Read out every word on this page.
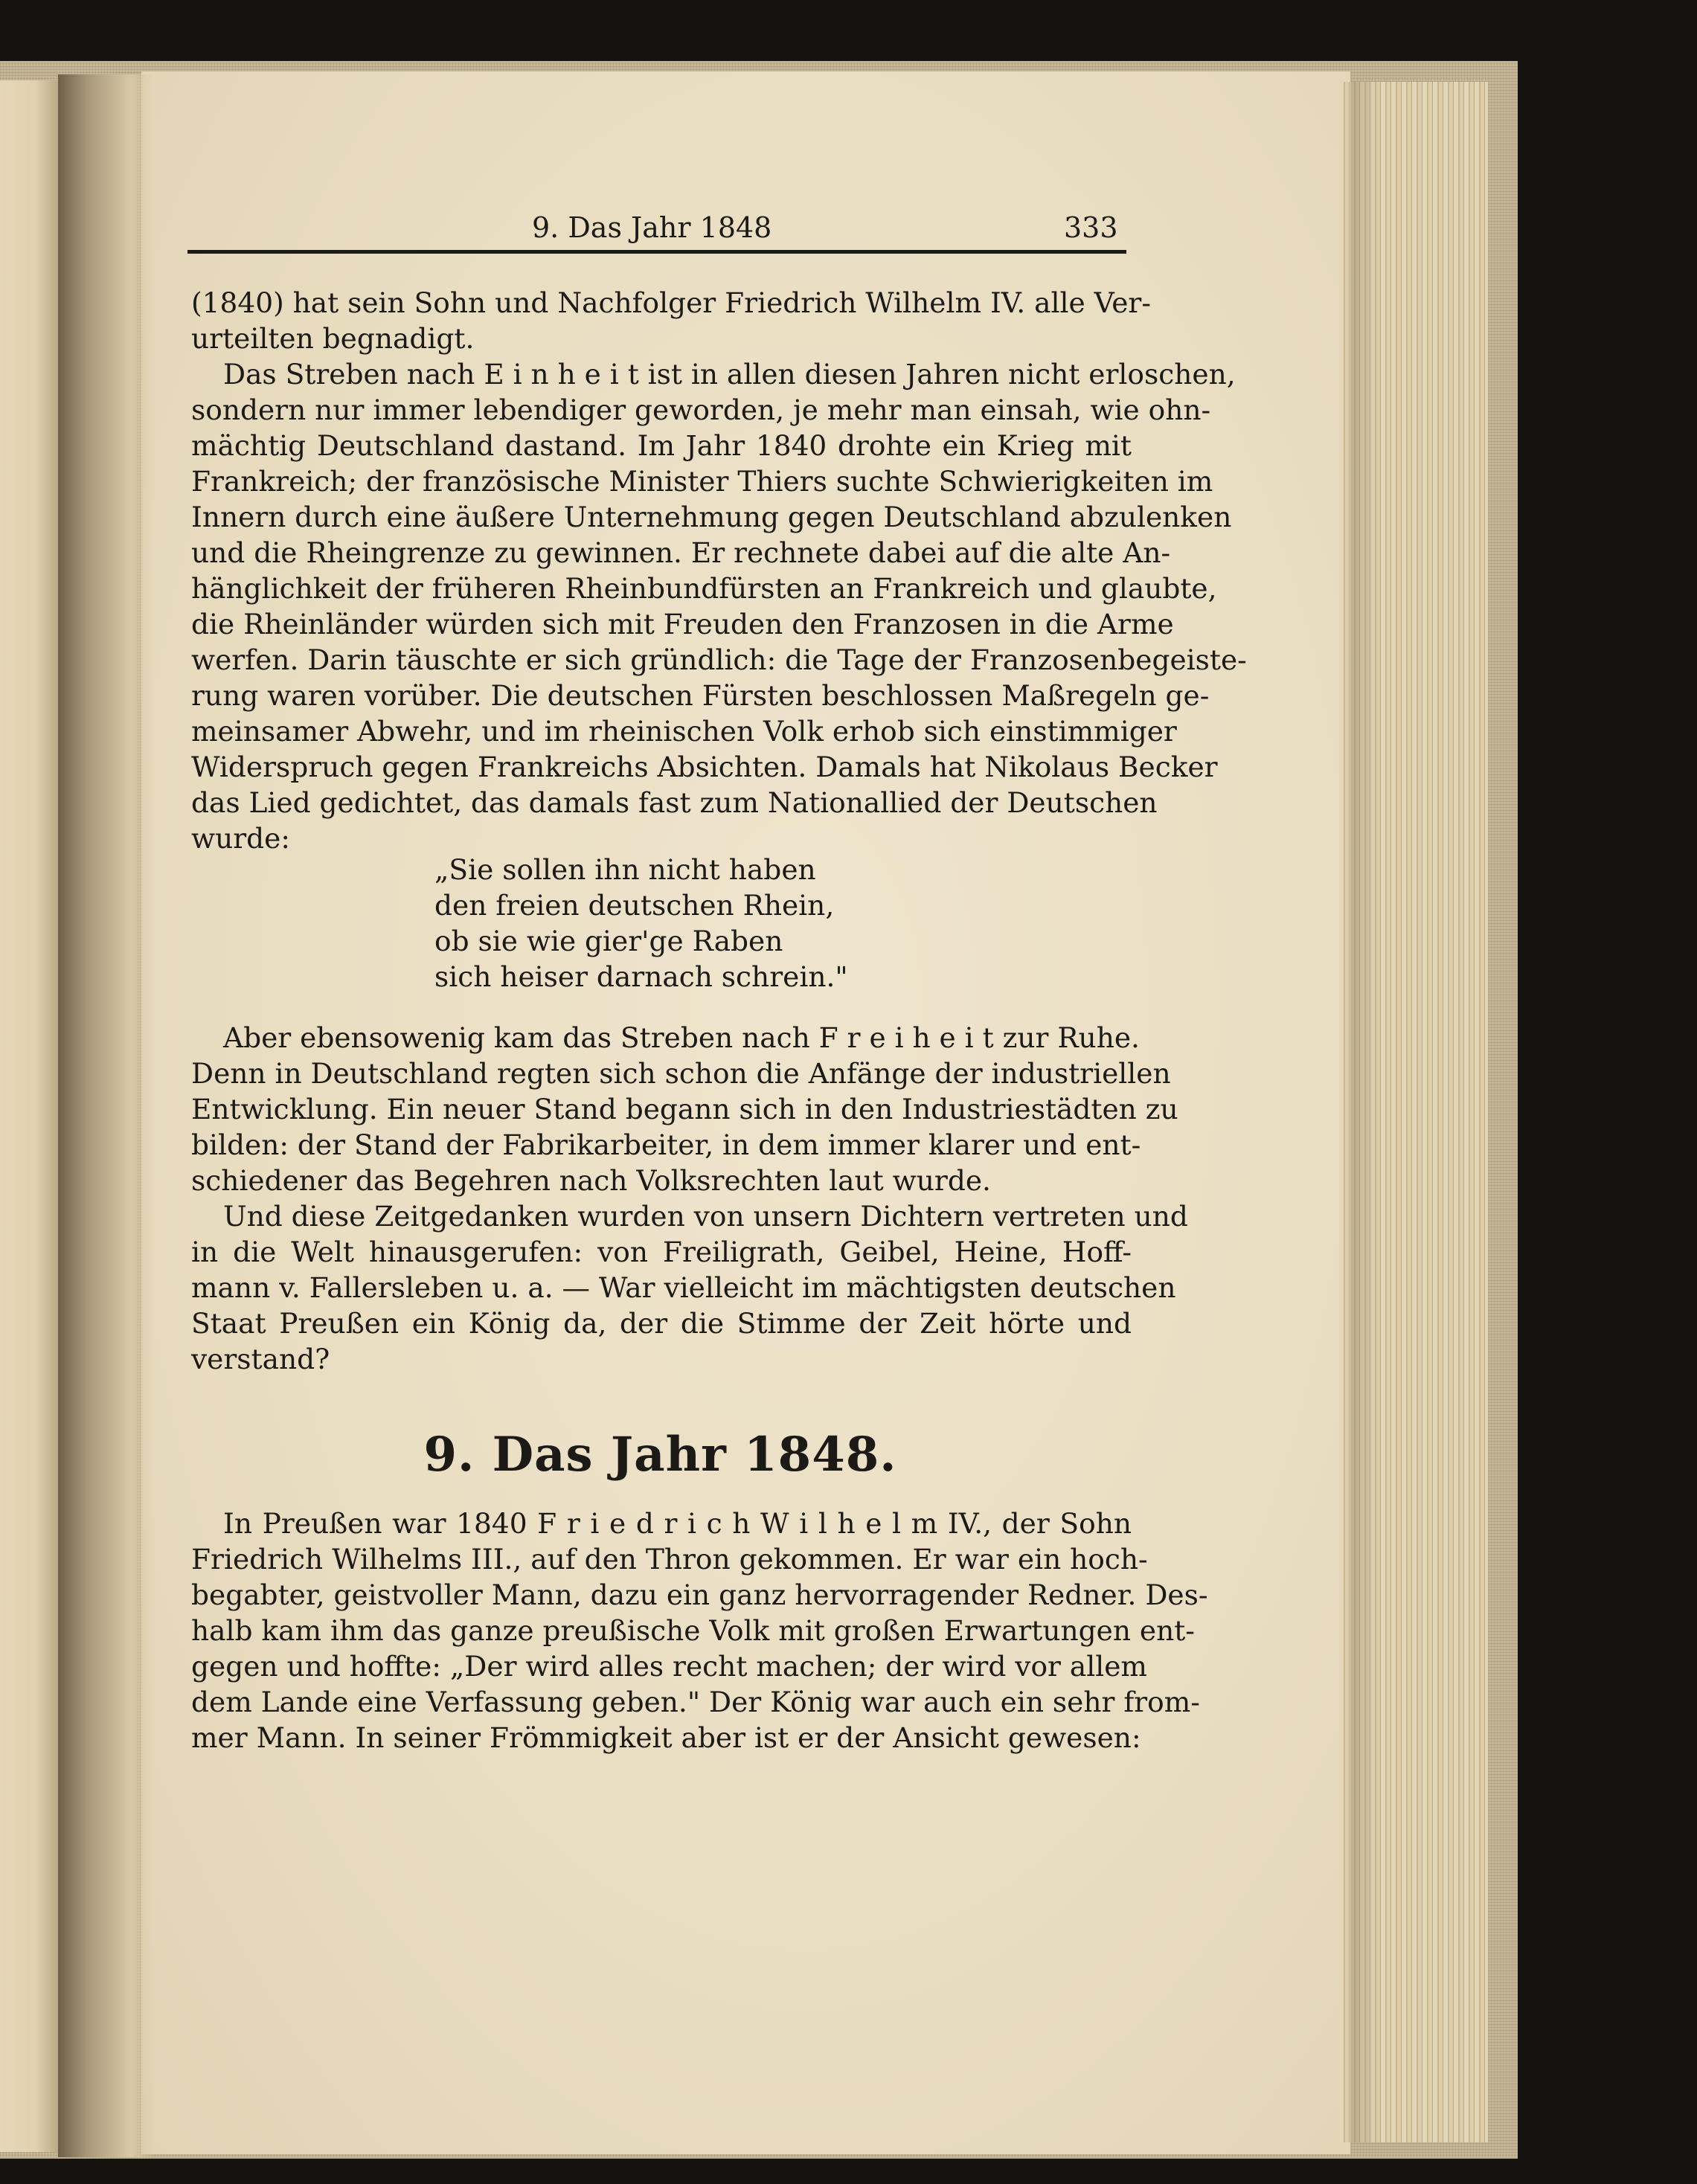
9. Das Jahr 1848	333
(1840) hat sein Sohn und Nachfolger Friedrich Wilhelm IV. alle Ver-
urteilten begnadigt.
Das Streben nach E i n h e i t ist in allen diesen Jahren nicht erloschen,
sondern nur immer lebendiger geworden, je mehr man einsah, wie ohn-
mächtig Deutschland dastand. Im Jahr 1840 drohte ein Krieg mit
Frankreich; der französische Minister Thiers suchte Schwierigkeiten im
Innern durch eine äußere Unternehmung gegen Deutschland abzulenken
und die Rheingrenze zu gewinnen. Er rechnete dabei auf die alte An-
hänglichkeit der früheren Rheinbundfürsten an Frankreich und glaubte,
die Rheinländer würden sich mit Freuden den Franzosen in die Arme
werfen. Darin täuschte er sich gründlich: die Tage der Franzosenbegeiste-
rung waren vorüber. Die deutschen Fürsten beschlossen Maßregeln ge-
meinsamer Abwehr, und im rheinischen Volk erhob sich einstimmiger
Widerspruch gegen Frankreichs Absichten. Damals hat Nikolaus Becker
das Lied gedichtet, das damals fast zum Nationallied der Deutschen
wurde:
„Sie sollen ihn nicht haben
den freien deutschen Rhein,
ob sie wie gier'ge Raben
sich heiser darnach schrein."
Aber ebensowenig kam das Streben nach F r e i h e i t zur Ruhe.
Denn in Deutschland regten sich schon die Anfänge der industriellen
Entwicklung. Ein neuer Stand begann sich in den Industriestädten zu
bilden: der Stand der Fabrikarbeiter, in dem immer klarer und ent-
schiedener das Begehren nach Volksrechten laut wurde.
Und diese Zeitgedanken wurden von unsern Dichtern vertreten und
in die Welt hinausgerufen: von Freiligrath, Geibel, Heine, Hoff-
mann v. Fallersleben u. a. — War vielleicht im mächtigsten deutschen
Staat Preußen ein König da, der die Stimme der Zeit hörte und
verstand?
9. Das Jahr 1848.
In Preußen war 1840 F r i e d r i c h W i l h e l m IV., der Sohn
Friedrich Wilhelms III., auf den Thron gekommen. Er war ein hoch-
begabter, geistvoller Mann, dazu ein ganz hervorragender Redner. Des-
halb kam ihm das ganze preußische Volk mit großen Erwartungen ent-
gegen und hoffte: „Der wird alles recht machen; der wird vor allem
dem Lande eine Verfassung geben." Der König war auch ein sehr from-
mer Mann. In seiner Frömmigkeit aber ist er der Ansicht gewesen:
